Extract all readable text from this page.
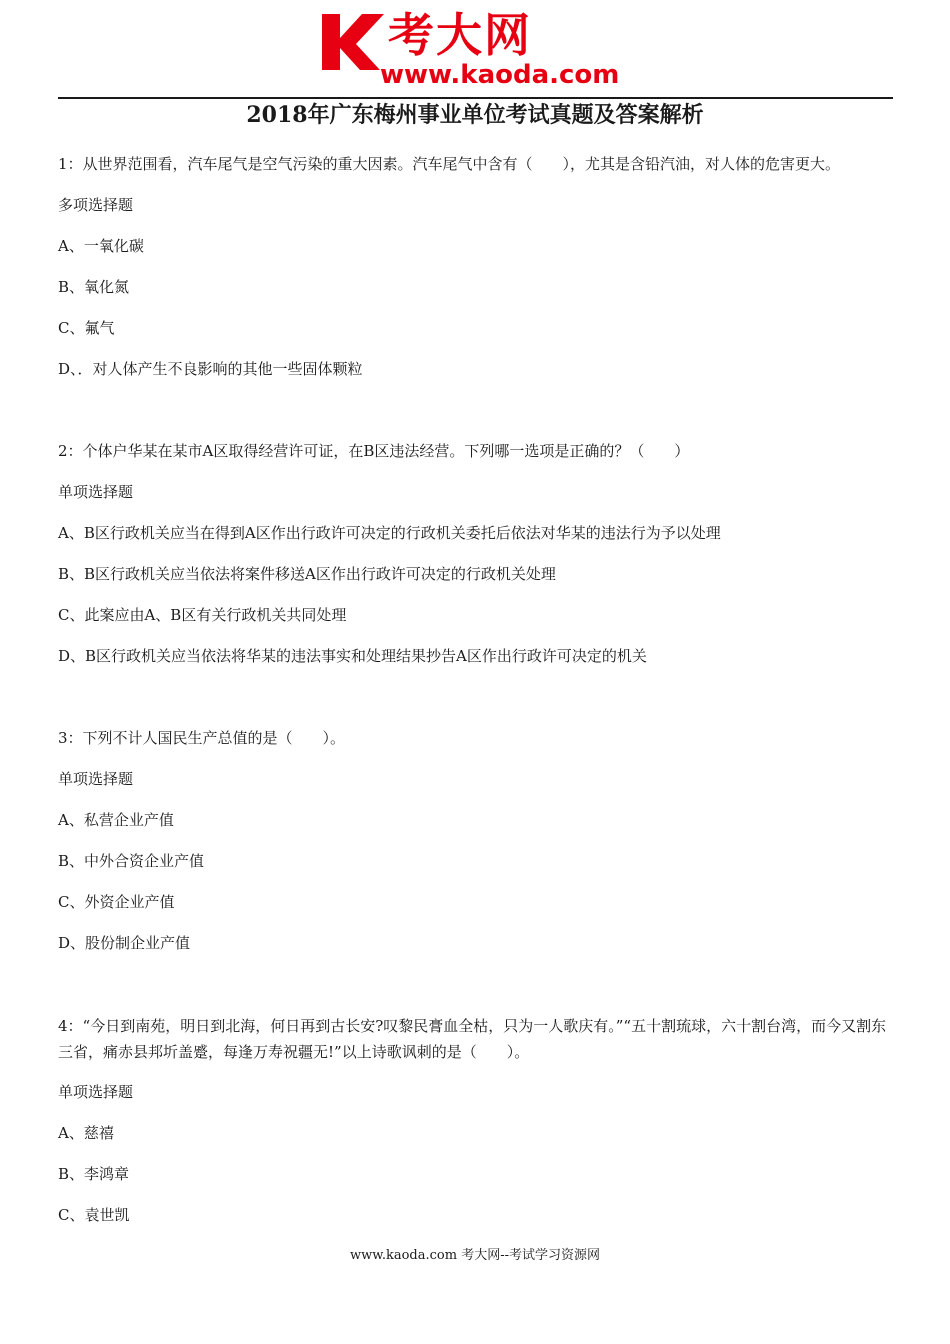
考大网
www.kaoda.com
2018年广东梅州事业单位考试真题及答案解析
1：从世界范围看，汽车尾气是空气污染的重大因素。汽车尾气中含有（　　），尤其是含铅汽油，对人体的危害更大。
多项选择题
A、一氧化碳
B、氧化氮
C、氟气
D、．对人体产生不良影响的其他一些固体颗粒
2：个体户华某在某市A区取得经营许可证，在B区违法经营。下列哪一选项是正确的？（　　）
单项选择题
A、B区行政机关应当在得到A区作出行政许可决定的行政机关委托后依法对华某的违法行为予以处理
B、B区行政机关应当依法将案件移送A区作出行政许可决定的行政机关处理
C、此案应由A、B区有关行政机关共同处理
D、B区行政机关应当依法将华某的违法事实和处理结果抄告A区作出行政许可决定的机关
3：下列不计人国民生产总值的是（　　）。
单项选择题
A、私营企业产值
B、中外合资企业产值
C、外资企业产值
D、股份制企业产值
4：“今日到南苑，明日到北海，何日再到古长安?叹黎民膏血全枯，只为一人歌庆有。”“五十割琉球，六十割台湾，而今又割东三省，痛赤县邦圻盖蹙，每逢万寿祝疆无!”以上诗歌讽刺的是（　　）。
单项选择题
A、慈禧
B、李鸿章
C、袁世凯
www.kaoda.com 考大网--考试学习资源网
